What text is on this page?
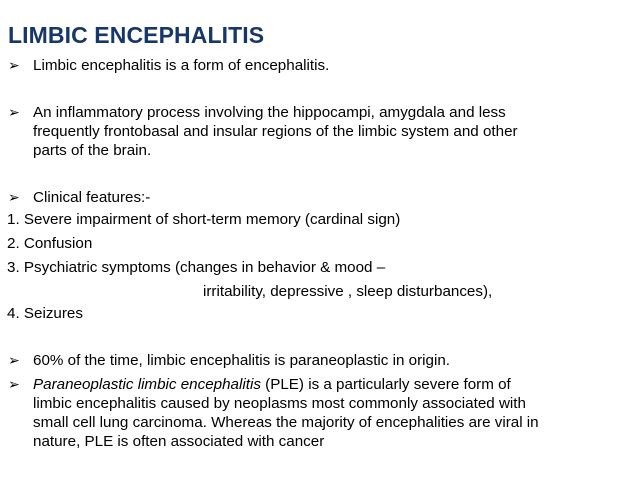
LIMBIC ENCEPHALITIS
➢ Limbic encephalitis is a form of encephalitis.
➢ An inflammatory process involving the hippocampi, amygdala and less
frequently frontobasal and insular regions of the limbic system and other
parts of the brain.
➢ Clinical features:-
1. Severe impairment of short-term memory (cardinal sign)
2. Confusion
3. Psychiatric symptoms (changes in behavior & mood –
irritability, depressive , sleep disturbances),
4. Seizures
➢ 60% of the time, limbic encephalitis is paraneoplastic in origin.
➢ Paraneoplastic limbic encephalitis (PLE) is a particularly severe form of
limbic encephalitis caused by neoplasms most commonly associated with
small cell lung carcinoma. Whereas the majority of encephalities are viral in
nature, PLE is often associated with cancer
